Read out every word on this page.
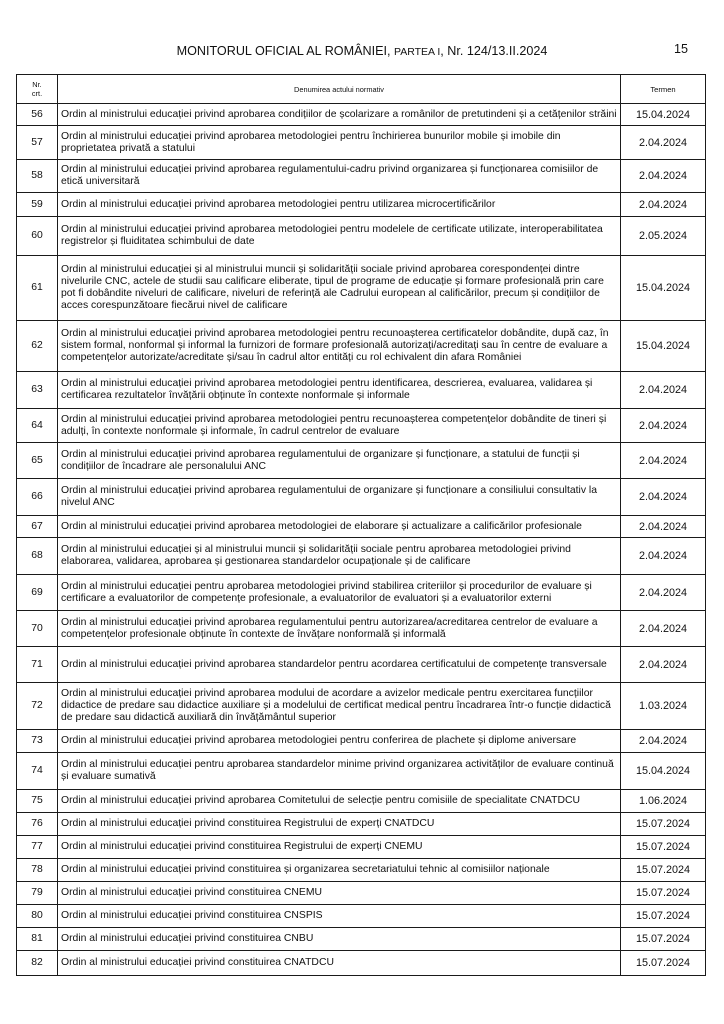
MONITORUL OFICIAL AL ROMÂNIEI, PARTEA I, Nr. 124/13.II.2024	15
Nr.
crt.	Denumirea actului normativ	Termen
56	Ordin al ministrului educației privind aprobarea condițiilor de școlarizare a românilor de pretutindeni și a cetățenilor străini	15.04.2024
57	Ordin al ministrului educației privind aprobarea metodologiei pentru închirierea bunurilor mobile și imobile din proprietatea privată a statului	2.04.2024
58	Ordin al ministrului educației privind aprobarea regulamentului-cadru privind organizarea și funcționarea comisiilor de etică universitară	2.04.2024
59	Ordin al ministrului educației privind aprobarea metodologiei pentru utilizarea microcertificărilor	2.04.2024
60	Ordin al ministrului educației privind aprobarea metodologiei pentru modelele de certificate utilizate, interoperabilitatea registrelor și fluiditatea schimbului de date	2.05.2024
61	Ordin al ministrului educației și al ministrului muncii și solidarității sociale privind aprobarea corespondenței dintre nivelurile CNC, actele de studii sau calificare eliberate, tipul de programe de educație și formare profesională prin care pot fi dobândite niveluri de calificare, niveluri de referință ale Cadrului european al calificărilor, precum și condițiilor de acces corespunzătoare fiecărui nivel de calificare	15.04.2024
62	Ordin al ministrului educației privind aprobarea metodologiei pentru recunoașterea certificatelor dobândite, după caz, în sistem formal, nonformal și informal la furnizori de formare profesională autorizați/acreditați sau în centre de evaluare a competențelor autorizate/acreditate și/sau în cadrul altor entități cu rol echivalent din afara României	15.04.2024
63	Ordin al ministrului educației privind aprobarea metodologiei pentru identificarea, descrierea, evaluarea, validarea și certificarea rezultatelor învățării obținute în contexte nonformale și informale	2.04.2024
64	Ordin al ministrului educației privind aprobarea metodologiei pentru recunoașterea competențelor dobândite de tineri și adulți, în contexte nonformale și informale, în cadrul centrelor de evaluare	2.04.2024
65	Ordin al ministrului educației privind aprobarea regulamentului de organizare și funcționare, a statului de funcții și condițiilor de încadrare ale personalului ANC	2.04.2024
66	Ordin al ministrului educației privind aprobarea regulamentului de organizare și funcționare a consiliului consultativ la nivelul ANC	2.04.2024
67	Ordin al ministrului educației privind aprobarea metodologiei de elaborare și actualizare a calificărilor profesionale	2.04.2024
68	Ordin al ministrului educației și al ministrului muncii și solidarității sociale pentru aprobarea metodologiei privind elaborarea, validarea, aprobarea și gestionarea standardelor ocupaționale și de calificare	2.04.2024
69	Ordin al ministrului educației pentru aprobarea metodologiei privind stabilirea criteriilor și procedurilor de evaluare și certificare a evaluatorilor de competențe profesionale, a evaluatorilor de evaluatori și a evaluatorilor externi	2.04.2024
70	Ordin al ministrului educației privind aprobarea regulamentului pentru autorizarea/acreditarea centrelor de evaluare a competențelor profesionale obținute în contexte de învățare nonformală și informală	2.04.2024
71	Ordin al ministrului educației privind aprobarea standardelor pentru acordarea certificatului de competențe transversale	2.04.2024
72	Ordin al ministrului educației privind aprobarea modului de acordare a avizelor medicale pentru exercitarea funcțiilor didactice de predare sau didactice auxiliare și a modelului de certificat medical pentru încadrarea într-o funcție didactică de predare sau didactică auxiliară din învățământul superior	1.03.2024
73	Ordin al ministrului educației privind aprobarea metodologiei pentru conferirea de plachete și diplome aniversare	2.04.2024
74	Ordin al ministrului educației pentru aprobarea standardelor minime privind organizarea activităților de evaluare continuă și evaluare sumativă	15.04.2024
75	Ordin al ministrului educației privind aprobarea Comitetului de selecție pentru comisiile de specialitate CNATDCU	1.06.2024
76	Ordin al ministrului educației privind constituirea Registrului de experți CNATDCU	15.07.2024
77	Ordin al ministrului educației privind constituirea Registrului de experți CNEMU	15.07.2024
78	Ordin al ministrului educației privind constituirea și organizarea secretariatului tehnic al comisiilor naționale	15.07.2024
79	Ordin al ministrului educației privind constituirea CNEMU	15.07.2024
80	Ordin al ministrului educației privind constituirea CNSPIS	15.07.2024
81	Ordin al ministrului educației privind constituirea CNBU	15.07.2024
82	Ordin al ministrului educației privind constituirea CNATDCU	15.07.2024
